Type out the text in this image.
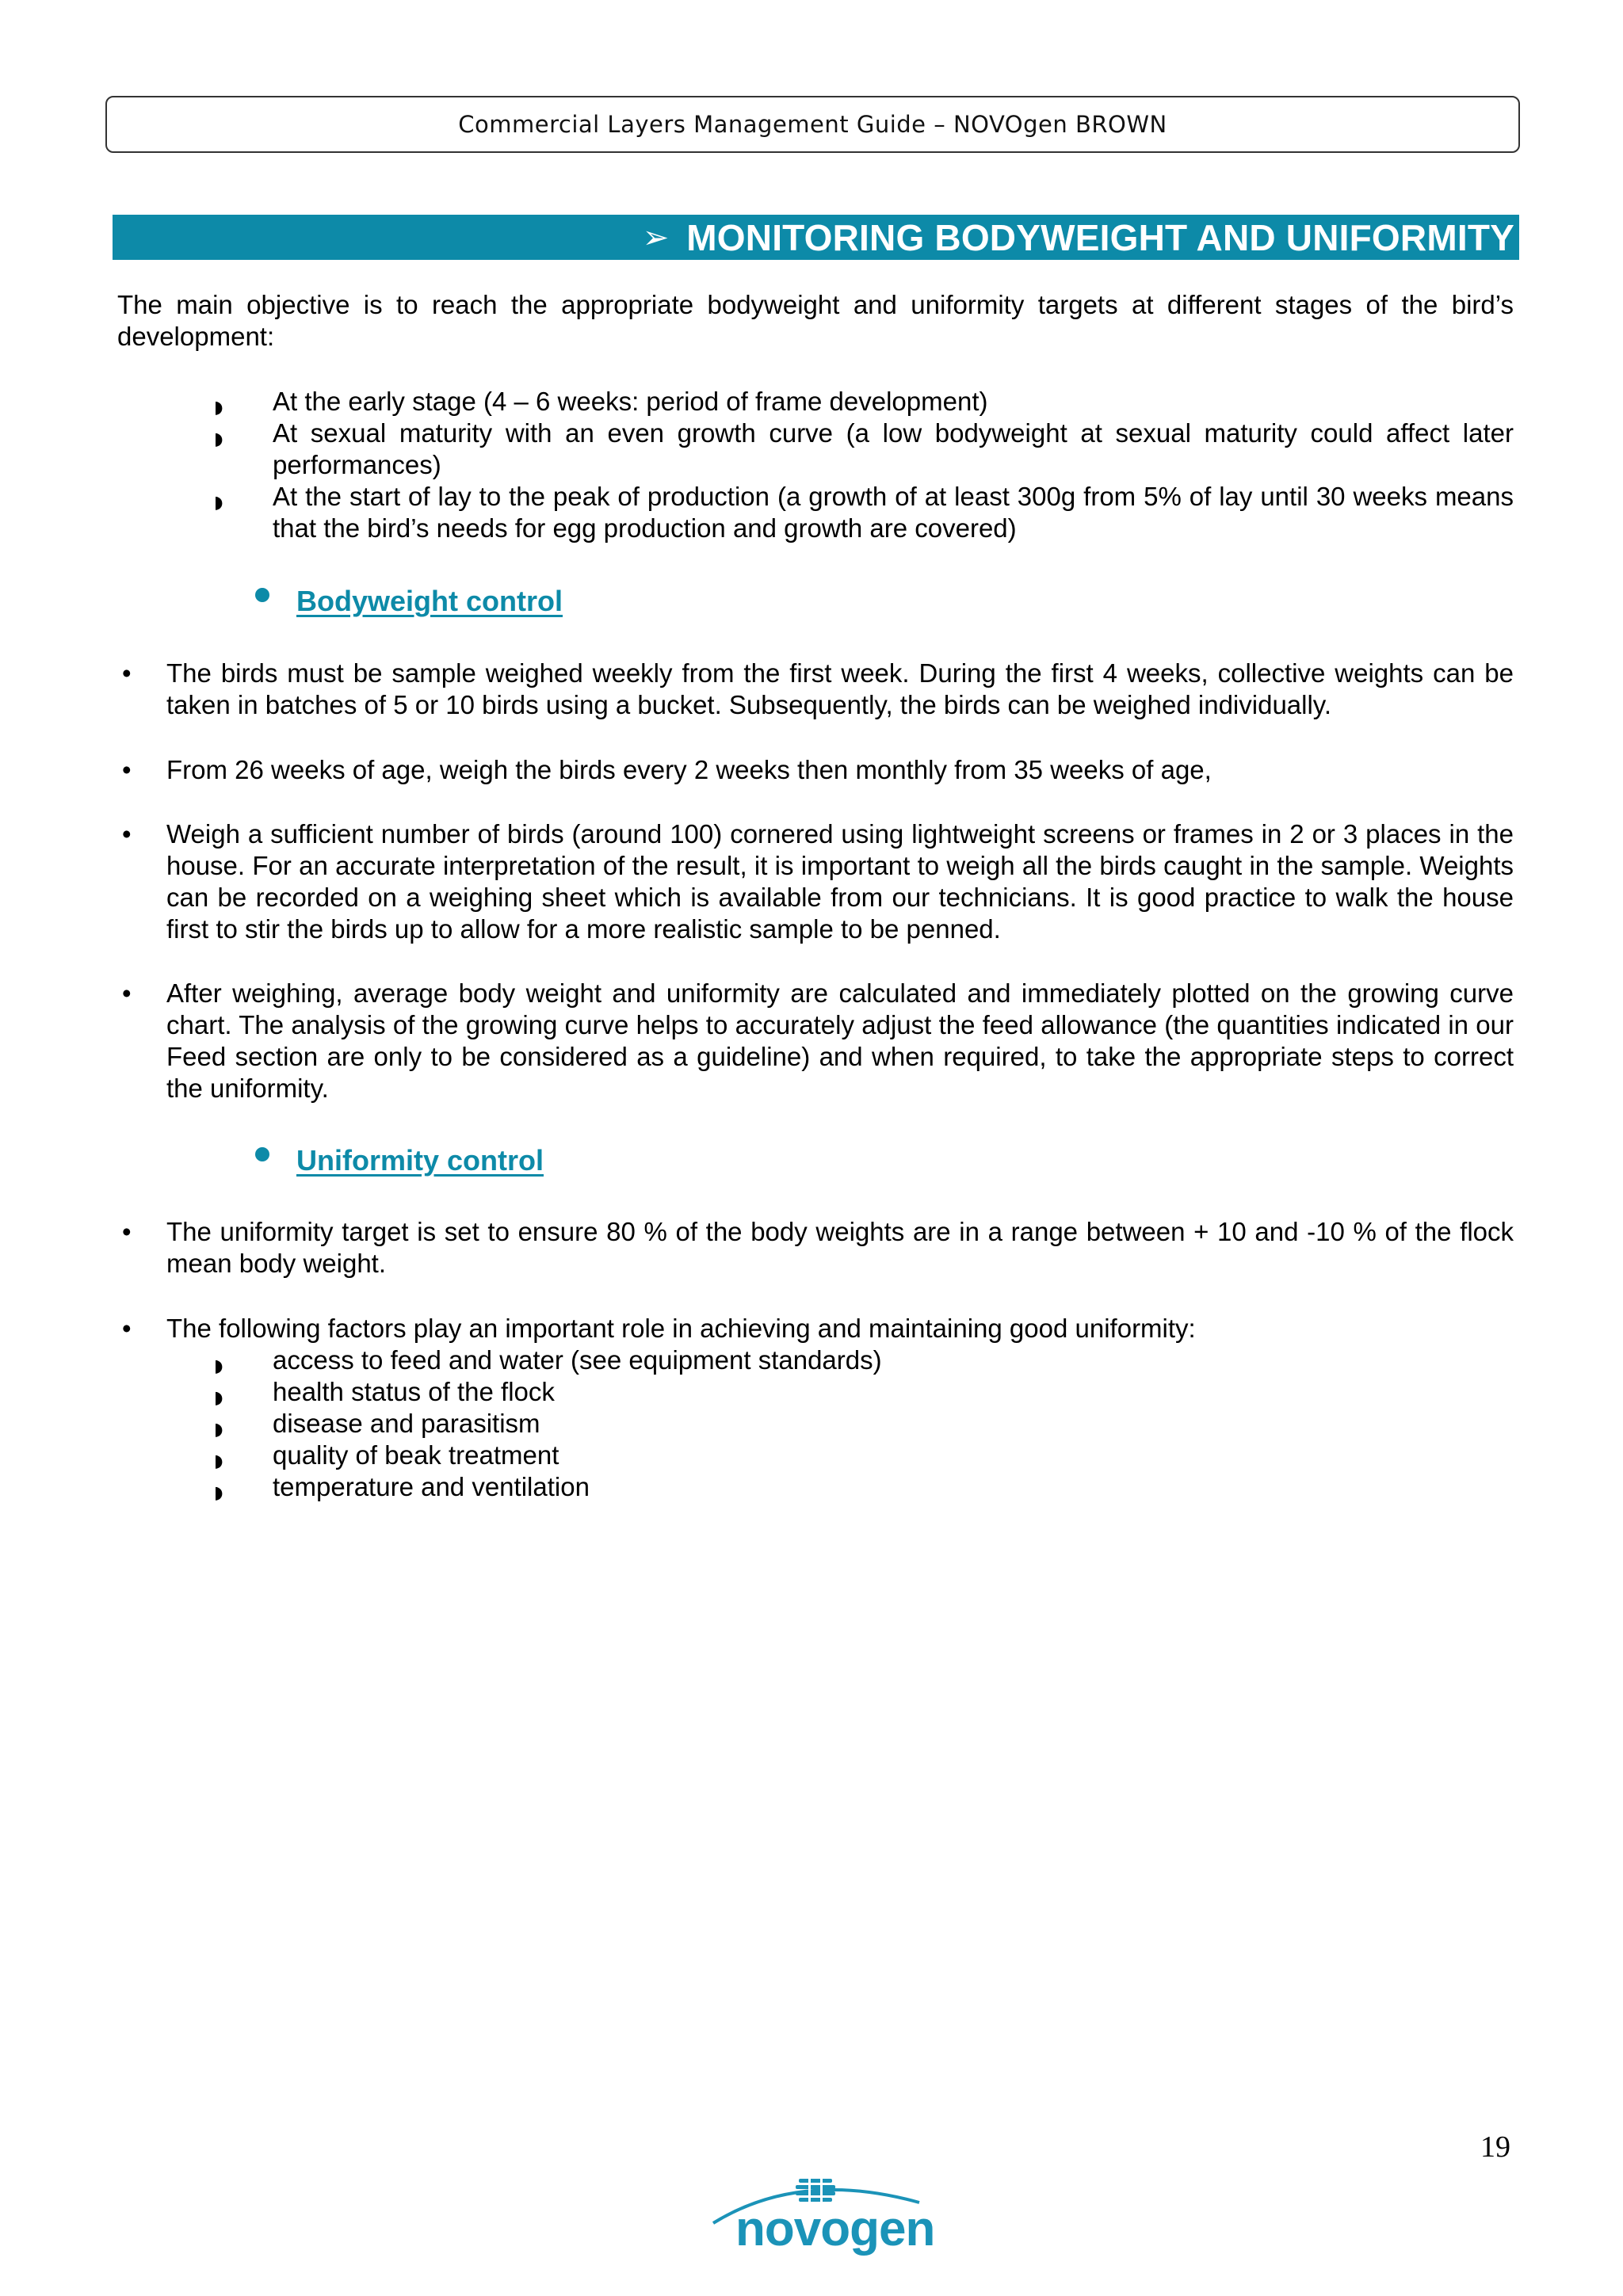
Commercial Layers Management Guide – NOVOgen BROWN
➢ MONITORING BODYWEIGHT AND UNIFORMITY
The main objective is to reach the appropriate bodyweight and uniformity targets at different stages of the bird’s development:
◗ At the early stage (4 – 6 weeks: period of frame development)
◗ At sexual maturity with an even growth curve (a low bodyweight at sexual maturity could affect later performances)
◗ At the start of lay to the peak of production (a growth of at least 300g from 5% of lay until 30 weeks means that the bird’s needs for egg production and growth are covered)
Bodyweight control
• The birds must be sample weighed weekly from the first week. During the first 4 weeks, collective weights can be taken in batches of 5 or 10 birds using a bucket. Subsequently, the birds can be weighed individually.
• From 26 weeks of age, weigh the birds every 2 weeks then monthly from 35 weeks of age,
• Weigh a sufficient number of birds (around 100) cornered using lightweight screens or frames in 2 or 3 places in the house. For an accurate interpretation of the result, it is important to weigh all the birds caught in the sample. Weights can be recorded on a weighing sheet which is available from our technicians. It is good practice to walk the house first to stir the birds up to allow for a more realistic sample to be penned.
• After weighing, average body weight and uniformity are calculated and immediately plotted on the growing curve chart. The analysis of the growing curve helps to accurately adjust the feed allowance (the quantities indicated in our Feed section are only to be considered as a guideline) and when required, to take the appropriate steps to correct the uniformity.
Uniformity control
• The uniformity target is set to ensure 80 % of the body weights are in a range between + 10 and -10 % of the flock mean body weight.
• The following factors play an important role in achieving and maintaining good uniformity:
◗ access to feed and water (see equipment standards)
◗ health status of the flock
◗ disease and parasitism
◗ quality of beak treatment
◗ temperature and ventilation
19
novogen
